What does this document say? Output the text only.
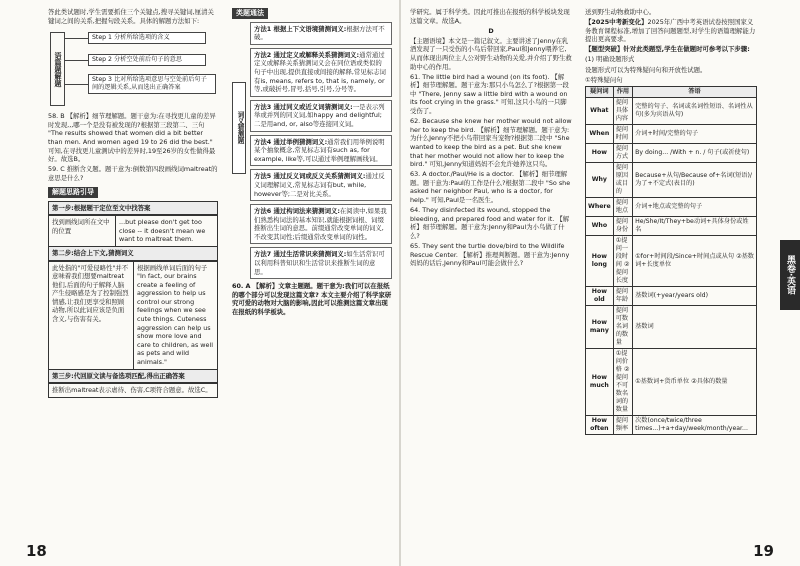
答此类试题时,学生需要抓住三个关键点,搜寻关键词,厘清关键词之间的关系,把握句段关系。具体的解题方法如下:

语篇题解题
Step 1 分析所给选项的含义
Step 2 分析空处前后句子的意思
Step 3 比对所给选项意思与空处前后句子间的逻辑关系,从而选出正确答案

58. B 【解析】细节理解题。题干意为:在寻找更儿童的差异时发现,,,哪一个是没有被发现的?根据第三段第二、三句 "The results showed that women did a bit better than men. And women aged 19 to 26 did the best." 可知,在寻找更儿童测试中的差异时,19至26岁的女性做得最好。故选B。

59. C 推断含义题。题干意为:倒数第四段画线词maltreat的意思是什么?

解题思路引导
第一步:根据题干定位至文中找答案
找到画线词所在文中的位置
...but please don't get too close -- it doesn't mean we want to maltreat them.
第二步:结合上下文,猜测词义
此处指的"可爱侵略性"并不意味着我们想要maltreat 他们,后面的句子解释人脑产生侵略感是为了控制强烈情感,让我们更享受和照顾动物,所以此词应该是负面含义,与伤害有关。
根据画线单词后面的句子 "In fact, our brains create a feeling of aggression to help us control our strong feelings when we see cute things. Cuteness aggression can help us show more love and care to children, as well as pets and wild animals."
第三步:代回原文读与备选项匹配,得出正确答案
推断出maltreat表示虐待、伤害,C项符合题意。故选C。
类题通法
词义猜测题
方法1 根据上下文语境猜测词义:根据方法可不破。
方法2 通过定义或解释关系猜测词义:通常通过定义或解释关系猜测词义会在同位语或类似的句子中出现,提供直接或间接的解释,常见标志词有is, means, refers to, that is, namely, or等,或破折号,冒号,括号,引号,分号等。
方法3 通过同义或近义词猜测词义:一是表示列举或并列的同义词,如happy and delightful;二是用and, or, also等连接同义词。
方法4 通过举例猜测词义:通常我们用举例说明某个抽象概念,常见标志词有such as, for example, like等,可以通过举例理解画线词。
方法5 通过反义词或反义关系猜测词义:通过反义词理解词义,常见标志词有but, while, however等;二是对比关系。
方法6 通过构词法来猜测词义:在阅读中,如果我们熟悉构词法的基本知识,就能根据词根、词缀推断出生词的意思。前缀通常改变单词的词义,不改变其词性;后缀通常改变单词的词性。
方法7 通过生活常识来猜测词义:如生活常识可以利用科普知识和生活常识来推断生词的意思。

60. A 【解析】文章主题题。题干意为:我们可以在报纸的哪个部分可以发现这篇文章? 本文主要介绍了科学家研究可爱的动物对大脑的影响,因此可以推测这篇文章出现在报纸的科学板块。

18

学研究。属于科学类。因此可推出在报纸的科学板块发现这篇文章。故选A。

D

【主题语境】本文是一篇记叙文。主要讲述了Jenny在乳酒发现了一只受伤的小鸟后带回家,Paul和Jenny喂养它,从而体现出两位主人公对野生动物的关爱,并介绍了野生救助中心的作用。

61. The little bird had a wound (on its foot). 【解析】细节理解题。题干意为:那只小鸟怎么了?根据第一段中 "There, Jenny saw a little bird with a wound on its foot crying in the grass." 可知,这只小鸟的一只脚受伤了。

62. Because she knew her mother would not allow her to keep the bird. 【解析】细节理解题。题干意为:为什么Jenny不把小鸟带回家当宠物?根据第二段中 "She wanted to keep the bird as a pet. But she knew that her mother would not allow her to keep the bird." 可知,Jenny知道妈妈不会允许她养这只鸟。

63. A doctor./Paul/He is a doctor. 【解析】细节理解题。题干意为:Paul的工作是什么?根据第二段中 "So she asked her neighbor Paul, who is a doctor, for help." 可知,Paul是一名医生。

64. They disinfected its wound, stopped the bleeding, and prepared food and water for it. 【解析】细节理解题。题干意为:Jenny和Paul为小鸟做了什么?

65. They sent the turtle dove/bird to the Wildlife Rescue Center. 【解析】推理判断题。题干意为:Jenny妈妈的话后,Jenny和Paul可能会做什么?

送到野生动物救助中心。

【2025中考新变化】2025年广西中考英语试卷按照国家义务教育课程标准,增加了回答问题题型,对学生的语篇理解能力提出更高要求。

【题型突破】针对此类题型,学生在做题时可参考以下步骤:

(1) 明确设题形式

设题形式可以为特殊疑问句和开放性试题。

①特殊疑问句

疑问词	作用	答语
What	提问具体内容	完整的句子、名词或名词性短语、名词性从句(多为宾语从句)
When	提问时间	介词+时间/完整的句子
How	提问方式	By doing... /With + n. / 句子(或祈使句)
Why	提问原因或目的	Because+从句/Because of+名词(短语)/为了+不定式(表目的)
Where	提问地点	介词+地点或完整的句子
Who	提问身份	He/She/It/They+be动词+具体身份或姓名
How long	①提问一段时间 ②提问长度	①for+时间段/Since+时间点或从句 ②基数词+长度单位
How old	提问年龄	基数词(+year/years old)
How many	提问可数名词的数量	基数词
How much	①提问价格 ②提问不可数名词的数量	①基数词+货币单位 ②具体的数量
How often	提问频率	次数(once/twice/three times...)+a+day/week/month/year...
黑卷·英语
19
